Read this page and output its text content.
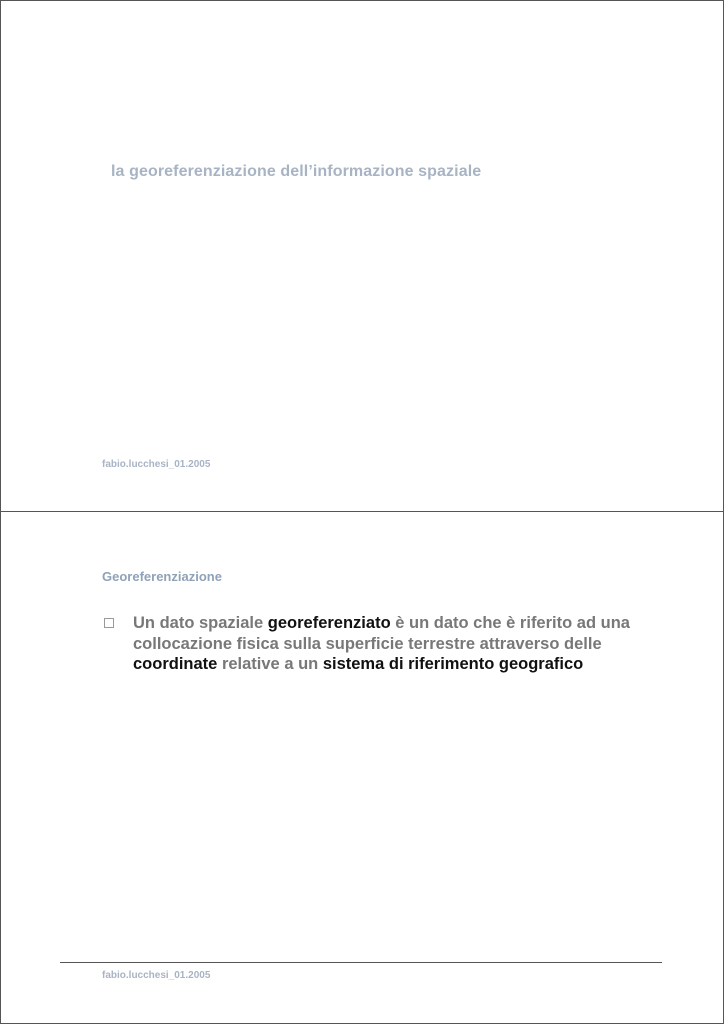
la georeferenziazione dell’informazione spaziale
fabio.lucchesi_01.2005
Georeferenziazione
Un dato spaziale georeferenziato è un dato che è riferito ad una collocazione fisica sulla superficie terrestre attraverso delle coordinate relative a un sistema di riferimento geografico
fabio.lucchesi_01.2005
